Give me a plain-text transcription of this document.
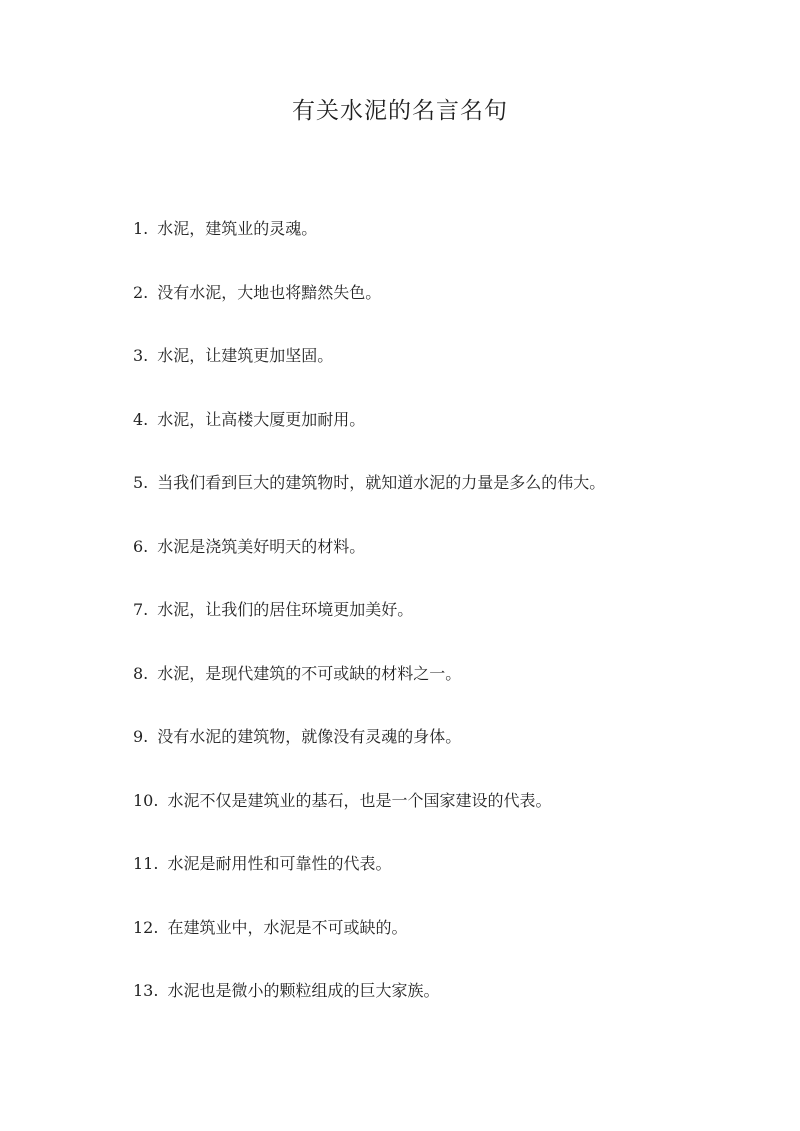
有关水泥的名言名句
1. 水泥，建筑业的灵魂。
2. 没有水泥，大地也将黯然失色。
3. 水泥，让建筑更加坚固。
4. 水泥，让高楼大厦更加耐用。
5. 当我们看到巨大的建筑物时，就知道水泥的力量是多么的伟大。
6. 水泥是浇筑美好明天的材料。
7. 水泥，让我们的居住环境更加美好。
8. 水泥，是现代建筑的不可或缺的材料之一。
9. 没有水泥的建筑物，就像没有灵魂的身体。
10. 水泥不仅是建筑业的基石，也是一个国家建设的代表。
11. 水泥是耐用性和可靠性的代表。
12. 在建筑业中，水泥是不可或缺的。
13. 水泥也是微小的颗粒组成的巨大家族。
